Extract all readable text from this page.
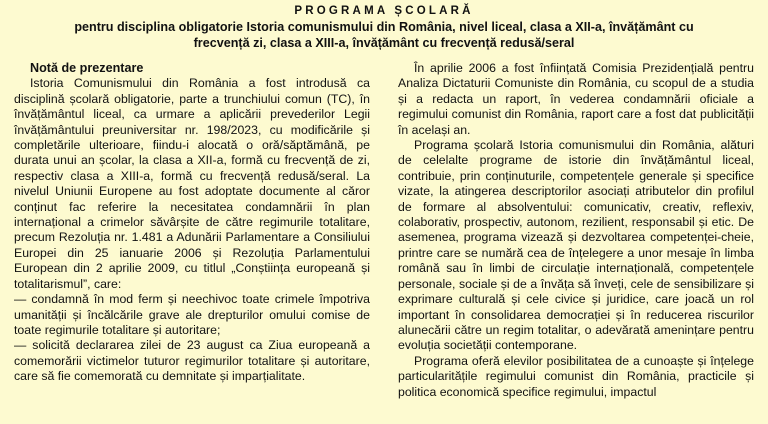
PROGRAMA ȘCOLARĂ
pentru disciplina obligatorie Istoria comunismului din România, nivel liceal, clasa a XII-a, învățământ cu frecvență zi, clasa a XIII-a, învățământ cu frecvență redusă/seral
Notă de prezentare

Istoria Comunismului din România a fost introdusă ca disciplină școlară obligatorie, parte a trunchiului comun (TC), în învățământul liceal, ca urmare a aplicării prevederilor Legii învățământului preuniversitar nr. 198/2023, cu modificările și completările ulterioare, fiindu-i alocată o oră/săptămână, pe durata unui an școlar, la clasa a XII-a, formă cu frecvență de zi, respectiv clasa a XIII-a, formă cu frecvență redusă/seral. La nivelul Uniunii Europene au fost adoptate documente al căror conținut fac referire la necesitatea condamnării în plan internațional a crimelor săvârșite de către regimurile totalitare, precum Rezoluția nr. 1.481 a Adunării Parlamentare a Consiliului Europei din 25 ianuarie 2006 și Rezoluția Parlamentului European din 2 aprilie 2009, cu titlul „Conștiința europeană și totalitarismul”, care:

— condamnă în mod ferm și neechivoc toate crimele împotriva umanității și încălcările grave ale drepturilor omului comise de toate regimurile totalitare și autoritare;

— solicită declararea zilei de 23 august ca Ziua europeană a comemorării victimelor tuturor regimurilor totalitare și autoritare, care să fie comemorată cu demnitate și imparțialitate.

În aprilie 2006 a fost înființată Comisia Prezidențială pentru Analiza Dictaturii Comuniste din România, cu scopul de a studia și a redacta un raport, în vederea condamnării oficiale a regimului comunist din România, raport care a fost dat publicității în același an.

Programa școlară Istoria comunismului din România, alături de celelalte programe de istorie din învățământul liceal, contribuie, prin conținuturile, competențele generale și specifice vizate, la atingerea descriptorilor asociați atributelor din profilul de formare al absolventului: comunicativ, creativ, reflexiv, colaborativ, prospectiv, autonom, rezilient, responsabil și etic. De asemenea, programa vizează și dezvoltarea competenței-cheie, printre care se numără cea de înțelegere a unor mesaje în limba română sau în limbi de circulație internațională, competențele personale, sociale și de a învăța să înveți, cele de sensibilizare și exprimare culturală și cele civice și juridice, care joacă un rol important în consolidarea democrației și în reducerea riscurilor alunecării către un regim totalitar, o adevărată amenințare pentru evoluția societății contemporane.

Programa oferă elevilor posibilitatea de a cunoaște și înțelege particularitățile regimului comunist din România, practicile și politica economică specifice regimului, impactul
